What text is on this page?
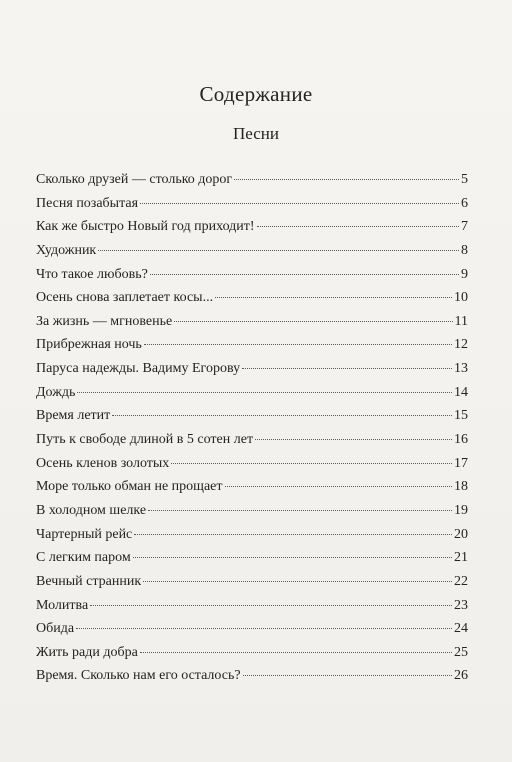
Содержание
Песни
Сколько друзей — столько дорог	5
Песня позабытая	6
Как же быстро Новый год приходит!	7
Художник	8
Что такое любовь?	9
Осень снова заплетает косы...	10
За жизнь — мгновенье	11
Прибрежная ночь	12
Паруса надежды. Вадиму Егорову	13
Дождь	14
Время летит	15
Путь к свободе длиной в 5 сотен лет	16
Осень кленов золотых	17
Море только обман не прощает	18
В холодном шелке	19
Чартерный рейс	20
С легким паром	21
Вечный странник	22
Молитва	23
Обида	24
Жить ради добра	25
Время. Сколько нам его осталось?	26
